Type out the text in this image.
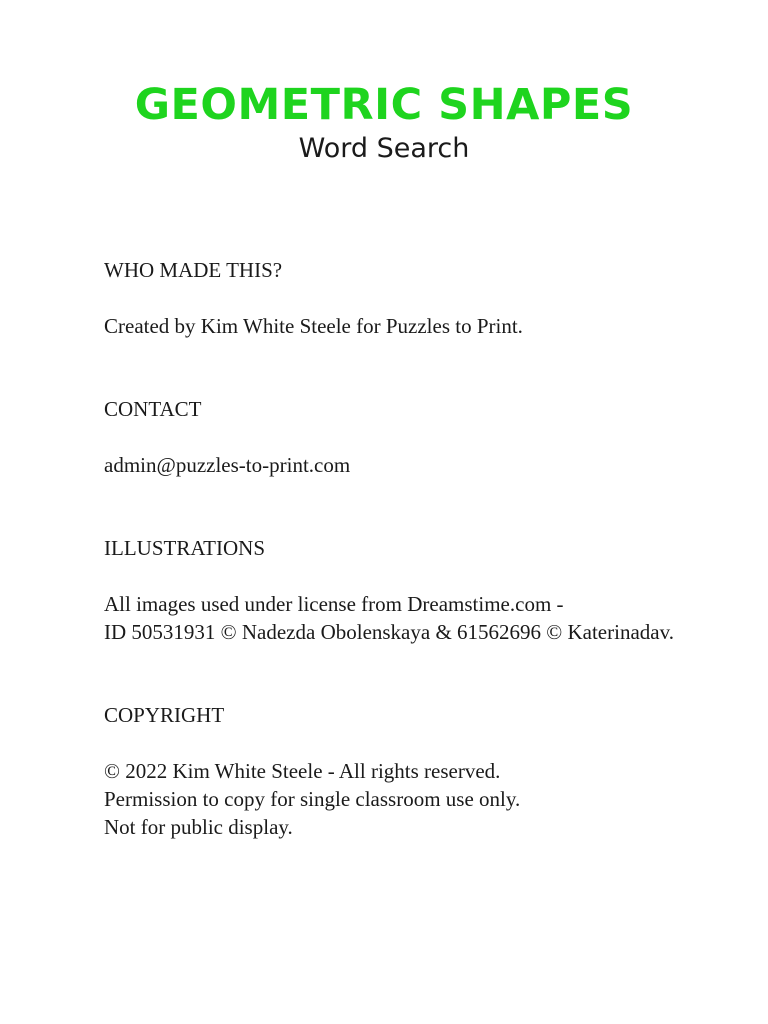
GEOMETRIC SHAPES

Word Search

WHO MADE THIS?

Created by Kim White Steele for Puzzles to Print.

CONTACT

admin@puzzles-to-print.com

ILLUSTRATIONS

All images used under license from Dreamstime.com -

ID 50531931 © Nadezda Obolenskaya & 61562696 © Katerinadav.

COPYRIGHT

© 2022 Kim White Steele - All rights reserved.

Permission to copy for single classroom use only.

Not for public display.
